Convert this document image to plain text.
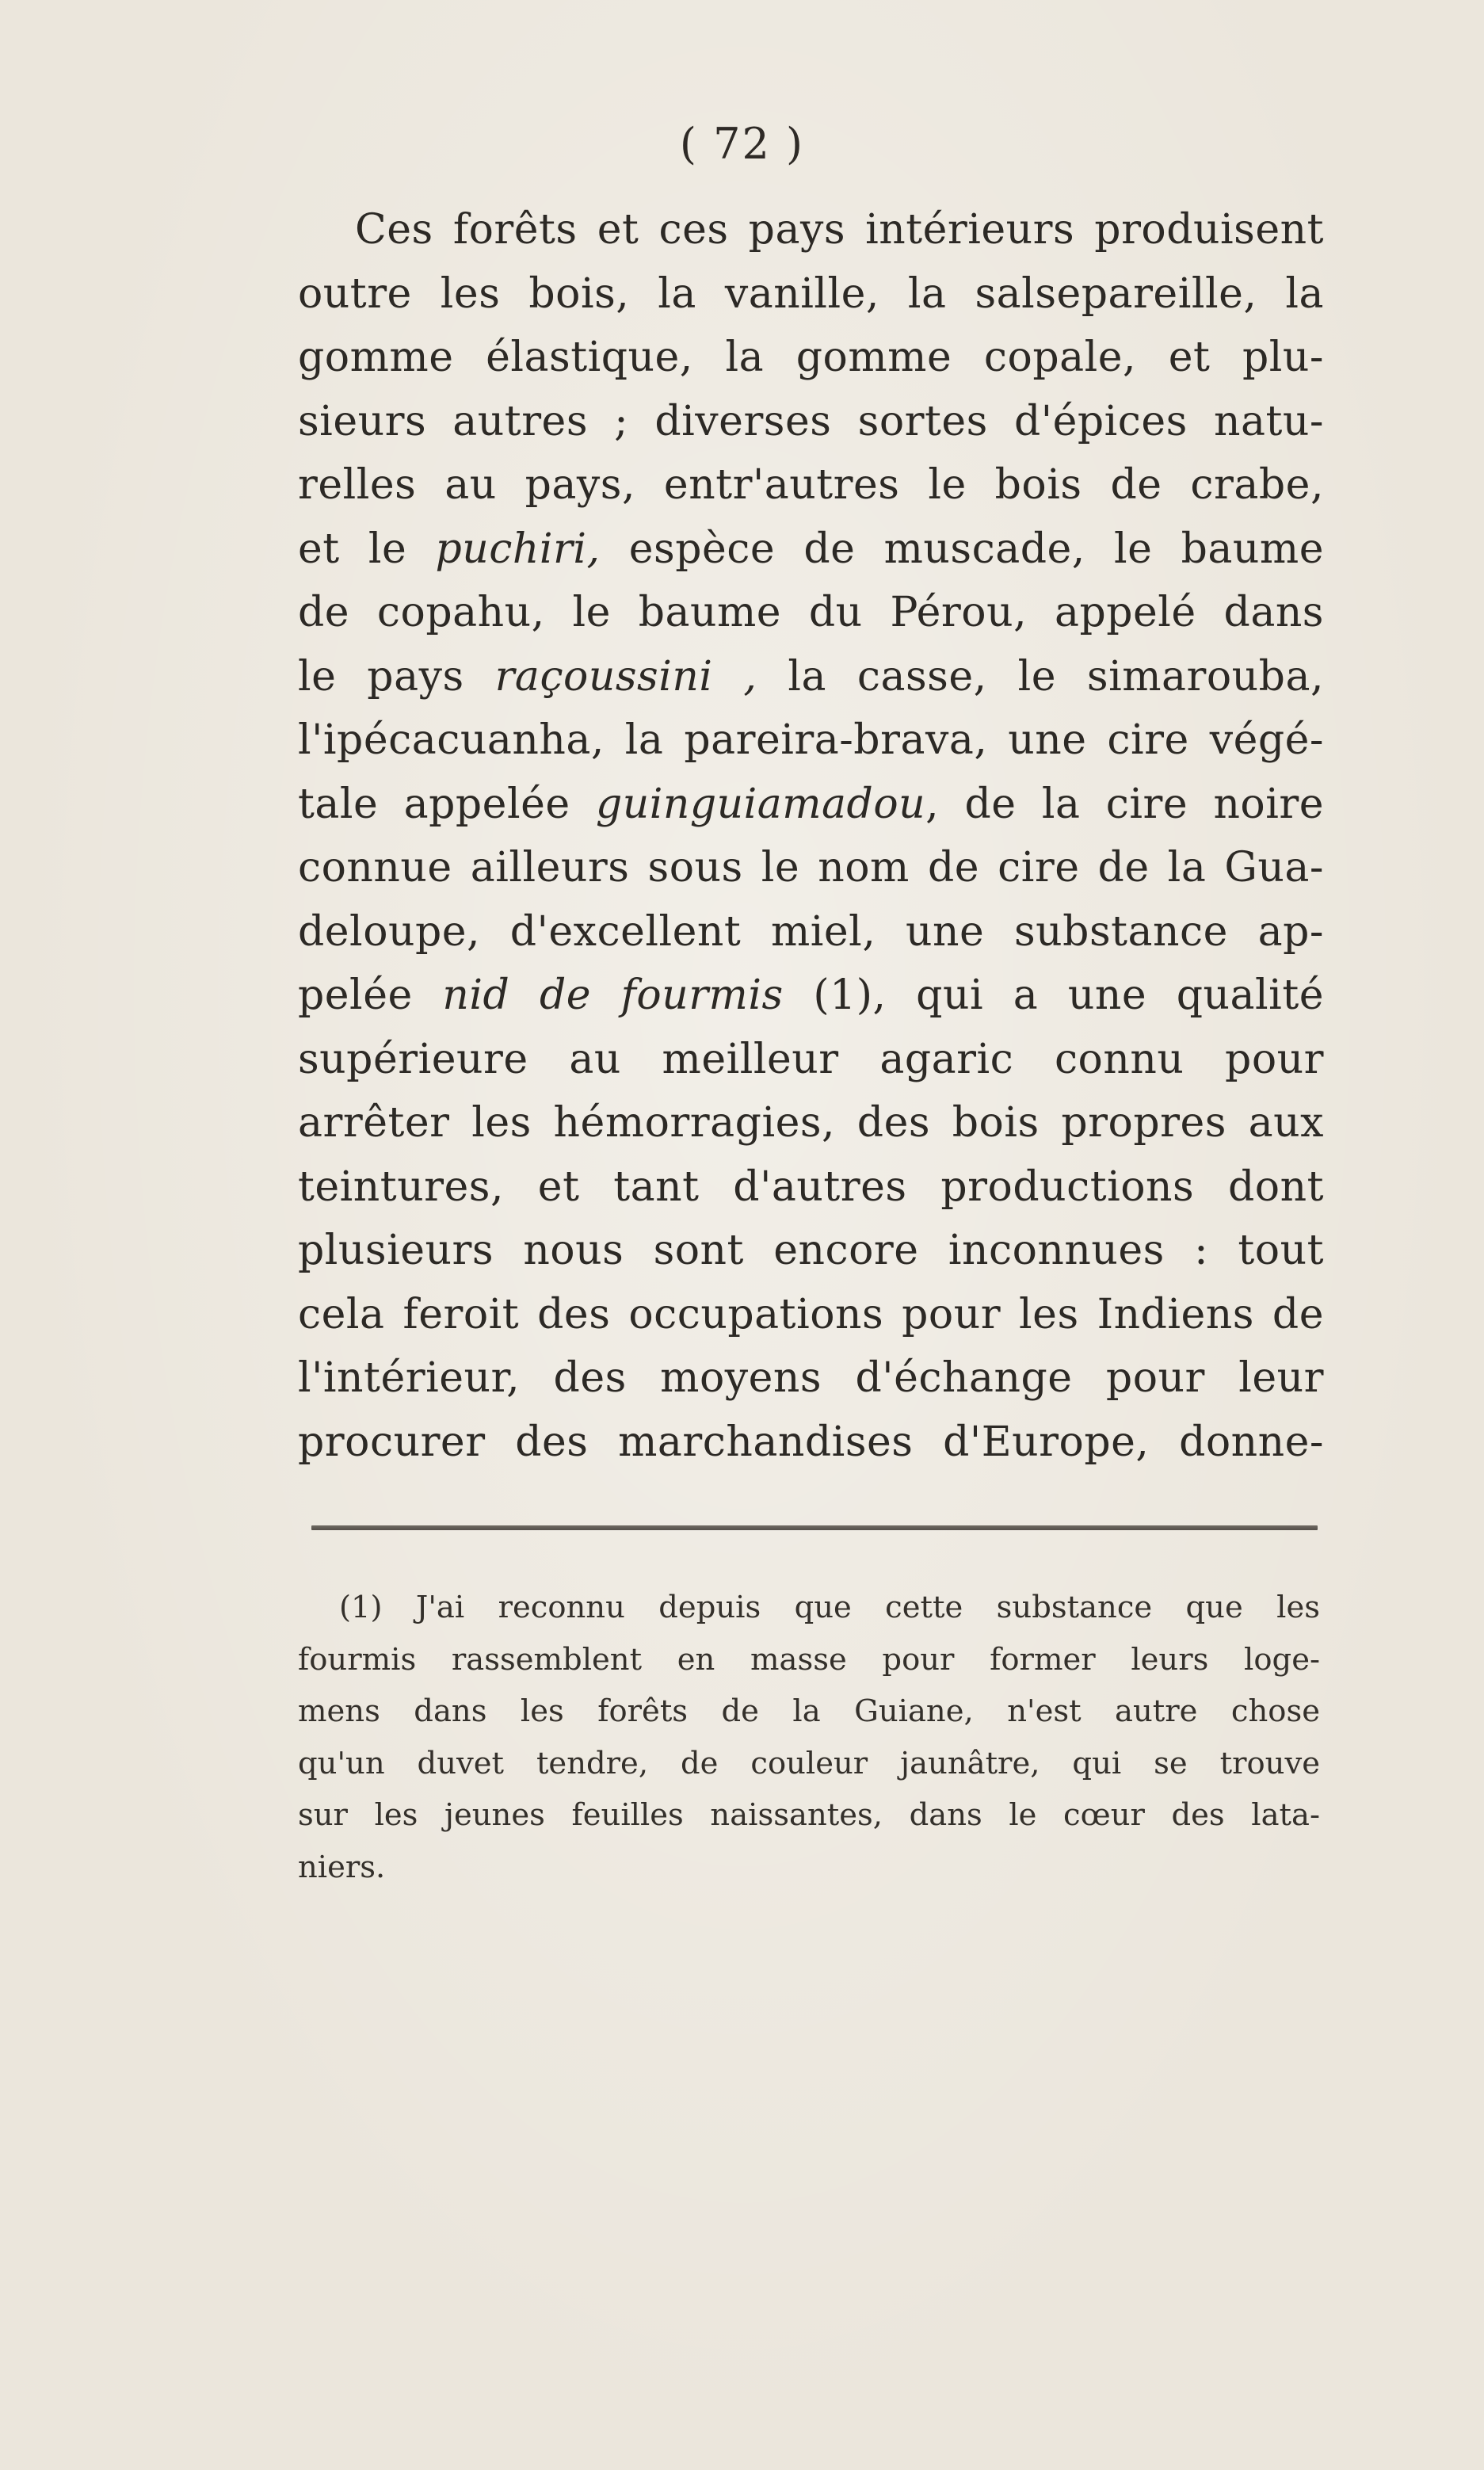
( 72 )
Ces forêts et ces pays intérieurs produisent
outre les bois, la vanille, la salsepareille, la
gomme élastique, la gomme copale, et plu-
sieurs autres ; diverses sortes d'épices natu-
relles au pays, entr'autres le bois de crabe,
et le puchiri, espèce de muscade, le baume
de copahu, le baume du Pérou, appelé dans
le pays raçoussini , la casse, le simarouba,
l'ipécacuanha, la pareira-brava, une cire végé-
tale appelée guinguiamadou, de la cire noire
connue ailleurs sous le nom de cire de la Gua-
deloupe, d'excellent miel, une substance ap-
pelée nid de fourmis (1), qui a une qualité
supérieure au meilleur agaric connu pour
arrêter les hémorragies, des bois propres aux
teintures, et tant d'autres productions dont
plusieurs nous sont encore inconnues : tout
cela feroit des occupations pour les Indiens de
l'intérieur, des moyens d'échange pour leur
procurer des marchandises d'Europe, donne-
(1) J'ai reconnu depuis que cette substance que les
fourmis rassemblent en masse pour former leurs loge-
mens dans les forêts de la Guiane, n'est autre chose
qu'un duvet tendre, de couleur jaunâtre, qui se trouve
sur les jeunes feuilles naissantes, dans le cœur des lata-
niers.
